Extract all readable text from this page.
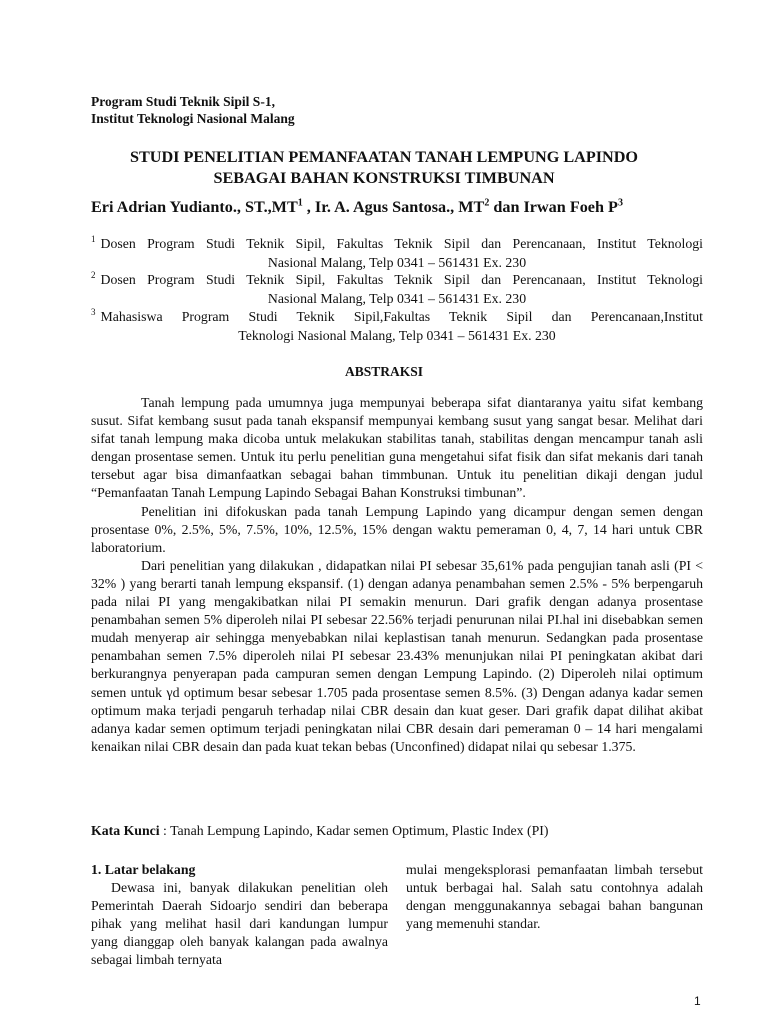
Program Studi Teknik Sipil S-1,
Institut Teknologi Nasional Malang
STUDI PENELITIAN PEMANFAATAN TANAH LEMPUNG LAPINDO
SEBAGAI BAHAN KONSTRUKSI TIMBUNAN
Eri Adrian Yudianto., $ST.,MT^1$ , Ir. A. Agus Santosa., $MT^2$ dan Irwan Foeh $P^3$
$^1$ Dosen Program Studi Teknik Sipil, Fakultas Teknik Sipil dan Perencanaan, Institut Teknologi
Nasional Malang, Telp 0341 – 561431 Ex. 230
$^2$ Dosen Program Studi Teknik Sipil, Fakultas Teknik Sipil dan Perencanaan, Institut Teknologi
Nasional Malang, Telp 0341 – 561431 Ex. 230
$^3$ Mahasiswa Program Studi Teknik Sipil,Fakultas Teknik Sipil dan Perencanaan,Institut
Teknologi Nasional Malang, Telp 0341 – 561431 Ex. 230
ABSTRAKSI

Tanah lempung pada umumnya juga mempunyai beberapa sifat diantaranya yaitu sifat kembang susut. Sifat kembang susut pada tanah ekspansif mempunyai kembang susut yang sangat besar. Melihat dari sifat tanah lempung maka dicoba untuk melakukan stabilitas tanah, stabilitas dengan mencampur tanah asli dengan prosentase semen. Untuk itu perlu penelitian guna mengetahui sifat fisik dan sifat mekanis dari tanah tersebut agar bisa dimanfaatkan sebagai bahan timmbunan. Untuk itu penelitian dikaji dengan judul “Pemanfaatan Tanah Lempung Lapindo Sebagai Bahan Konstruksi timbunan”.

Penelitian ini difokuskan pada tanah Lempung Lapindo yang dicampur dengan semen dengan prosentase 0%, 2.5%, 5%, 7.5%, 10%, 12.5%, 15% dengan waktu pemeraman 0, 4, 7, 14 hari untuk CBR laboratorium.

Dari penelitian yang dilakukan , didapatkan nilai PI sebesar 35,61% pada pengujian tanah asli (PI < 32% ) yang berarti tanah lempung ekspansif. (1) dengan adanya penambahan semen 2.5% - 5% berpengaruh pada nilai PI yang mengakibatkan nilai PI semakin menurun. Dari grafik dengan adanya prosentase penambahan semen 5% diperoleh nilai PI sebesar 22.56% terjadi penurunan nilai PI.hal ini disebabkan semen mudah menyerap air sehingga menyebabkan nilai keplastisan tanah menurun. Sedangkan pada prosentase penambahan semen 7.5% diperoleh nilai PI sebesar 23.43% menunjukan nilai PI peningkatan akibat dari berkurangnya penyerapan pada campuran semen dengan Lempung Lapindo. (2) Diperoleh nilai optimum semen untuk γd optimum besar sebesar 1.705 pada prosentase semen 8.5%. (3) Dengan adanya kadar semen optimum maka terjadi pengaruh terhadap nilai CBR desain dan kuat geser. Dari grafik dapat dilihat akibat adanya kadar semen optimum terjadi peningkatan nilai CBR desain dari pemeraman 0 – 14 hari mengalami kenaikan nilai CBR desain dan pada kuat tekan bebas (Unconfined) didapat nilai qu sebesar 1.375.

Kata Kunci : Tanah Lempung Lapindo, Kadar semen Optimum, Plastic Index (PI)
1. Latar belakang

Dewasa ini, banyak dilakukan penelitian oleh Pemerintah Daerah Sidoarjo sendiri dan beberapa pihak yang melihat hasil dari kandungan lumpur yang dianggap oleh banyak kalangan pada awalnya sebagai limbah ternyata

mulai mengeksplorasi pemanfaatan limbah tersebut untuk berbagai hal. Salah satu contohnya adalah dengan menggunakannya sebagai bahan bangunan yang memenuhi standar.

1
